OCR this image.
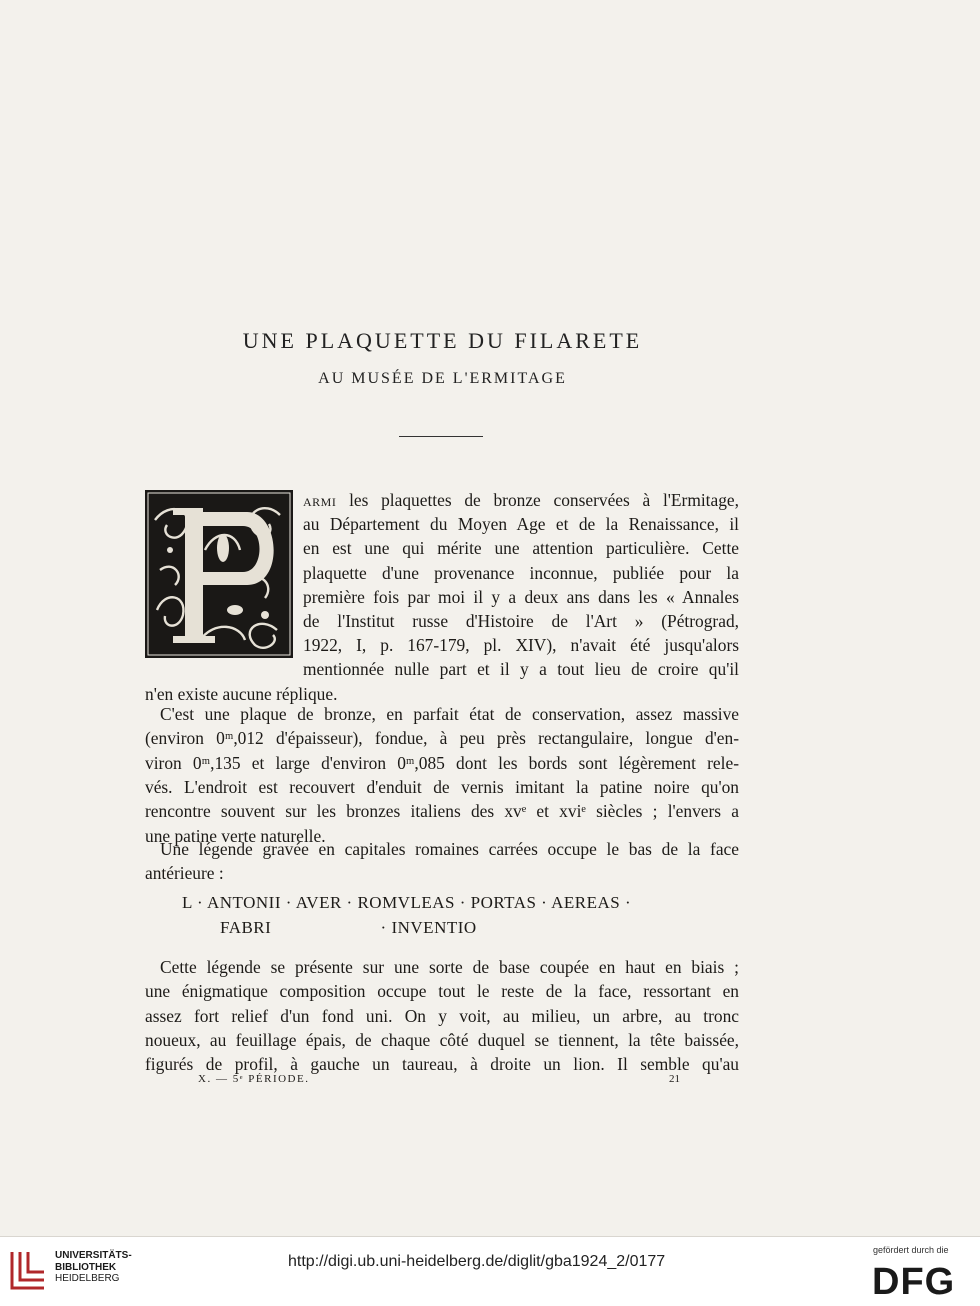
UNE PLAQUETTE DU FILARETE
AU MUSÉE DE L'ERMITAGE
ARMI les plaquettes de bronze conservées à l'Ermitage,
au Département du Moyen Age et de la Renaissance, il
en est une qui mérite une attention particulière. Cette
plaquette d'une provenance inconnue, publiée pour la
première fois par moi il y a deux ans dans les « Annales
de l'Institut russe d'Histoire de l'Art » (Pétrograd,
1922, I, p. 167-179, pl. XIV), n'avait été jusqu'alors
mentionnée nulle part et il y a tout lieu de croire qu'il
n'en existe aucune réplique.
C'est une plaque de bronze, en parfait état de conservation, assez massive
(environ 0ᵐ,012 d'épaisseur), fondue, à peu près rectangulaire, longue d'en-
viron 0ᵐ,135 et large d'environ 0ᵐ,085 dont les bords sont légèrement rele-
vés. L'endroit est recouvert d'enduit de vernis imitant la patine noire qu'on
rencontre souvent sur les bronzes italiens des xvᵉ et xviᵉ siècles ; l'envers a
une patine verte naturelle.
Une légende gravée en capitales romaines carrées occupe le bas de la face
antérieure :
L · ANTONII · AVER · ROMVLEAS · PORTAS · AEREAS ·
FABRI                       · INVENTIO
Cette légende se présente sur une sorte de base coupée en haut en biais ;
une énigmatique composition occupe tout le reste de la face, ressortant en
assez fort relief d'un fond uni. On y voit, au milieu, un arbre, au tronc
noueux, au feuillage épais, de chaque côté duquel se tiennent, la tête baissée,
figurés de profil, à gauche un taureau, à droite un lion. Il semble qu'au
X. — 5ᵉ PÉRIODE.	21
UNIVERSITÄTS-
BIBLIOTHEK
HEIDELBERG
http://digi.ub.uni-heidelberg.de/diglit/gba1924_2/0177
gefördert durch die
DFG
